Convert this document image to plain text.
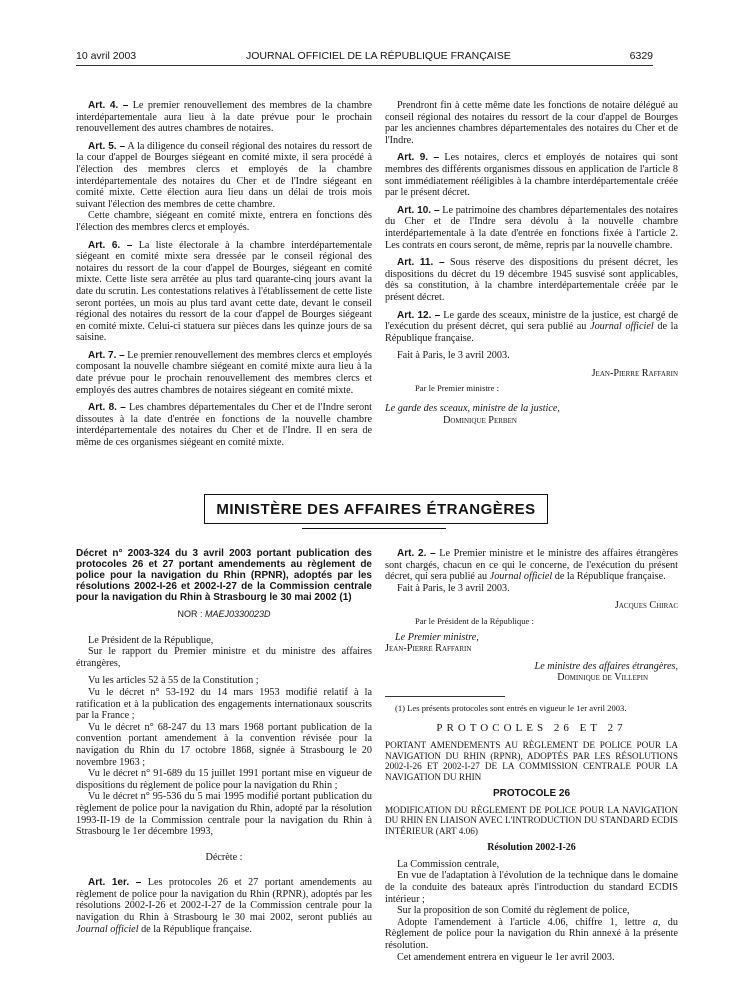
10 avril 2003	JOURNAL OFFICIEL DE LA RÉPUBLIQUE FRANÇAISE	6329

Art. 4. – Le premier renouvellement des membres de la chambre interdépartementale aura lieu à la date prévue pour le prochain renouvellement des autres chambres de notaires.

Art. 5. – A la diligence du conseil régional des notaires du ressort de la cour d'appel de Bourges siégeant en comité mixte, il sera procédé à l'élection des membres clercs et employés de la chambre interdépartementale des notaires du Cher et de l'Indre siégeant en comité mixte. Cette élection aura lieu dans un délai de trois mois suivant l'élection des membres de cette chambre.

Cette chambre, siégeant en comité mixte, entrera en fonctions dès l'élection des membres clercs et employés.

Art. 6. – La liste électorale à la chambre interdépartementale siégeant en comité mixte sera dressée par le conseil régional des notaires du ressort de la cour d'appel de Bourges, siégeant en comité mixte. Cette liste sera arrêtée au plus tard quarante-cinq jours avant la date du scrutin. Les contestations relatives à l'établissement de cette liste seront portées, un mois au plus tard avant cette date, devant le conseil régional des notaires du ressort de la cour d'appel de Bourges siégeant en comité mixte. Celui-ci statuera sur pièces dans les quinze jours de sa saisine.

Art. 7. – Le premier renouvellement des membres clercs et employés composant la nouvelle chambre siégeant en comité mixte aura lieu à la date prévue pour le prochain renouvellement des membres clercs et employés des autres chambres de notaires siégeant en comité mixte.

Art. 8. – Les chambres départementales du Cher et de l'Indre seront dissoutes à la date d'entrée en fonctions de la nouvelle chambre interdépartementale des notaires du Cher et de l'Indre. Il en sera de même de ces organismes siégeant en comité mixte.

Prendront fin à cette même date les fonctions de notaire délégué au conseil régional des notaires du ressort de la cour d'appel de Bourges par les anciennes chambres départementales des notaires du Cher et de l'Indre.

Art. 9. – Les notaires, clercs et employés de notaires qui sont membres des différents organismes dissous en application de l'article 8 sont immédiatement rééligibles à la chambre interdépartementale créée par le présent décret.

Art. 10. – Le patrimoine des chambres départementales des notaires du Cher et de l'Indre sera dévolu à la nouvelle chambre interdépartementale à la date d'entrée en fonctions fixée à l'article 2. Les contrats en cours seront, de même, repris par la nouvelle chambre.

Art. 11. – Sous réserve des dispositions du présent décret, les dispositions du décret du 19 décembre 1945 susvisé sont applicables, dès sa constitution, à la chambre interdépartementale créée par le présent décret.

Art. 12. – Le garde des sceaux, ministre de la justice, est chargé de l'exécution du présent décret, qui sera publié au Journal officiel de la République française.

Fait à Paris, le 3 avril 2003.

Jean-Pierre Raffarin
Par le Premier ministre :
Le garde des sceaux, ministre de la justice,
Dominique Perben
MINISTÈRE DES AFFAIRES ÉTRANGÈRES
Décret n° 2003-324 du 3 avril 2003 portant publication des protocoles 26 et 27 portant amendements au règlement de police pour la navigation du Rhin (RPNR), adoptés par les résolutions 2002-I-26 et 2002-I-27 de la Commission centrale pour la navigation du Rhin à Strasbourg le 30 mai 2002 (1)
NOR : MAEJ0330023D

Le Président de la République,

Sur le rapport du Premier ministre et du ministre des affaires étrangères,

Vu les articles 52 à 55 de la Constitution ;

Vu le décret n° 53-192 du 14 mars 1953 modifié relatif à la ratification et à la publication des engagements internationaux souscrits par la France ;

Vu le décret n° 68-247 du 13 mars 1968 portant publication de la convention portant amendement à la convention révisée pour la navigation du Rhin du 17 octobre 1868, signée à Strasbourg le 20 novembre 1963 ;

Vu le décret n° 91-689 du 15 juillet 1991 portant mise en vigueur de dispositions du règlement de police pour la navigation du Rhin ;

Vu le décret n° 95-536 du 5 mai 1995 modifié portant publication du règlement de police pour la navigation du Rhin, adopté par la résolution 1993-II-19 de la Commission centrale pour la navigation du Rhin à Strasbourg le 1er décembre 1993,

Décrète :

Art. 1er. – Les protocoles 26 et 27 portant amendements au règlement de police pour la navigation du Rhin (RPNR), adoptés par les résolutions 2002-I-26 et 2002-I-27 de la Commission centrale pour la navigation du Rhin à Strasbourg le 30 mai 2002, seront publiés au Journal officiel de la République française.

Art. 2. – Le Premier ministre et le ministre des affaires étrangères sont chargés, chacun en ce qui le concerne, de l'exécution du présent décret, qui sera publié au Journal officiel de la République française.

Fait à Paris, le 3 avril 2003.

Jacques Chirac
Par le Président de la République :
Le Premier ministre,
Jean-Pierre Raffarin
Le ministre des affaires étrangères,
Dominique de Villepin
(1) Les présents protocoles sont entrés en vigueur le 1er avril 2003.
PROTOCOLES 26 ET 27
PORTANT AMENDEMENTS AU RÈGLEMENT DE POLICE POUR LA NAVIGATION DU RHIN (RPNR), ADOPTÉS PAR LES RÉSOLUTIONS 2002-I-26 ET 2002-I-27 DE LA COMMISSION CENTRALE POUR LA NAVIGATION DU RHIN
PROTOCOLE 26
MODIFICATION DU RÈGLEMENT DE POLICE POUR LA NAVIGATION DU RHIN EN LIAISON AVEC L'INTRODUCTION DU STANDARD ECDIS INTÉRIEUR (ART 4.06)
Résolution 2002-I-26

La Commission centrale,

En vue de l'adaptation à l'évolution de la technique dans le domaine de la conduite des bateaux après l'introduction du standard ECDIS intérieur ;

Sur la proposition de son Comité du règlement de police,

Adopte l'amendement à l'article 4.06, chiffre 1, lettre a, du Règlement de police pour la navigation du Rhin annexé à la présente résolution.

Cet amendement entrera en vigueur le 1er avril 2003.
